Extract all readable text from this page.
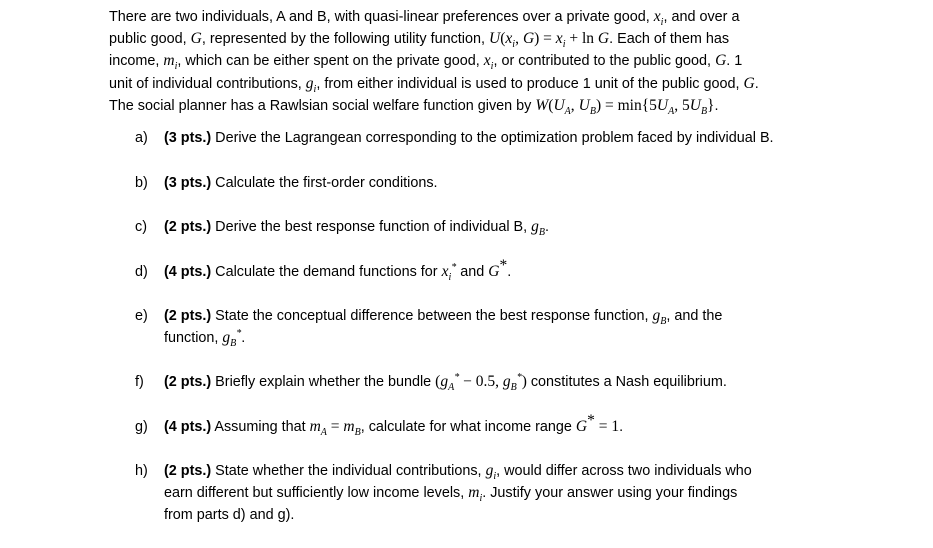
There are two individuals, A and B, with quasi-linear preferences over a private good, $x_i$, and over a
public good, G, represented by the following utility function, $U(x_i$, $G) = x_i + \ln G$. Each of them has
income, $m_i$, which can be either spent on the private good, $x_i$, or contributed to the public good, G. 1
unit of individual contributions, $g_i$, from either individual is used to produce 1 unit of the public good, G.
The social planner has a Rawlsian social welfare function given by $W(U_A$, $U_B) = \min\{5U_A$, $5U_B$}.
a) (3 pts.) Derive the Lagrangean corresponding to the optimization problem faced by individual B.
b) (3 pts.) Calculate the first-order conditions.
c) (2 pts.) Derive the best response function of individual B, $g_B$.
d) (4 pts.) Calculate the demand functions for $x_i^*$ and G*.
e) (2 pts.) State the conceptual difference between the best response function, $g_B$, and the
function, $g_B^*$.
f) (2 pts.) Briefly explain whether the bundle ($g_A^* - 0.5$, $g_B^*$) constitutes a Nash equilibrium.
g) (4 pts.) Assuming that $m_A = m_B$, calculate for what income range G* = 1.
h) (2 pts.) State whether the individual contributions, $g_i$, would differ across two individuals who
earn different but sufficiently low income levels, $m_i$. Justify your answer using your findings
from parts d) and g).
